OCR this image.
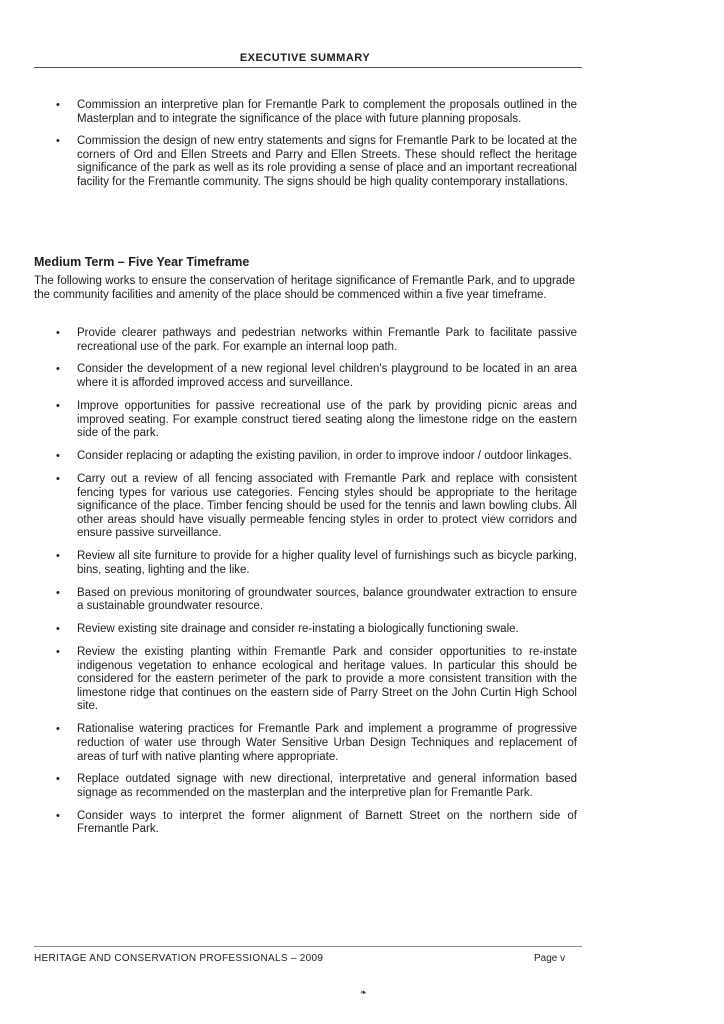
EXECUTIVE SUMMARY
• Commission an interpretive plan for Fremantle Park to complement the proposals outlined in the Masterplan and to integrate the significance of the place with future planning proposals.
• Commission the design of new entry statements and signs for Fremantle Park to be located at the corners of Ord and Ellen Streets and Parry and Ellen Streets. These should reflect the heritage significance of the park as well as its role providing a sense of place and an important recreational facility for the Fremantle community. The signs should be high quality contemporary installations.
Medium Term – Five Year Timeframe
The following works to ensure the conservation of heritage significance of Fremantle Park, and to upgrade the community facilities and amenity of the place should be commenced within a five year timeframe.
• Provide clearer pathways and pedestrian networks within Fremantle Park to facilitate passive recreational use of the park. For example an internal loop path.
• Consider the development of a new regional level children's playground to be located in an area where it is afforded improved access and surveillance.
• Improve opportunities for passive recreational use of the park by providing picnic areas and improved seating. For example construct tiered seating along the limestone ridge on the eastern side of the park.
• Consider replacing or adapting the existing pavilion, in order to improve indoor / outdoor linkages.
• Carry out a review of all fencing associated with Fremantle Park and replace with consistent fencing types for various use categories. Fencing styles should be appropriate to the heritage significance of the place. Timber fencing should be used for the tennis and lawn bowling clubs. All other areas should have visually permeable fencing styles in order to protect view corridors and ensure passive surveillance.
• Review all site furniture to provide for a higher quality level of furnishings such as bicycle parking, bins, seating, lighting and the like.
• Based on previous monitoring of groundwater sources, balance groundwater extraction to ensure a sustainable groundwater resource.
• Review existing site drainage and consider re-instating a biologically functioning swale.
• Review the existing planting within Fremantle Park and consider opportunities to re-instate indigenous vegetation to enhance ecological and heritage values. In particular this should be considered for the eastern perimeter of the park to provide a more consistent transition with the limestone ridge that continues on the eastern side of Parry Street on the John Curtin High School site.
• Rationalise watering practices for Fremantle Park and implement a programme of progressive reduction of water use through Water Sensitive Urban Design Techniques and replacement of areas of turf with native planting where appropriate.
• Replace outdated signage with new directional, interpretative and general information based signage as recommended on the masterplan and the interpretive plan for Fremantle Park.
• Consider ways to interpret the former alignment of Barnett Street on the northern side of Fremantle Park.
HERITAGE AND CONSERVATION PROFESSIONALS – 2009	Page v
❧
